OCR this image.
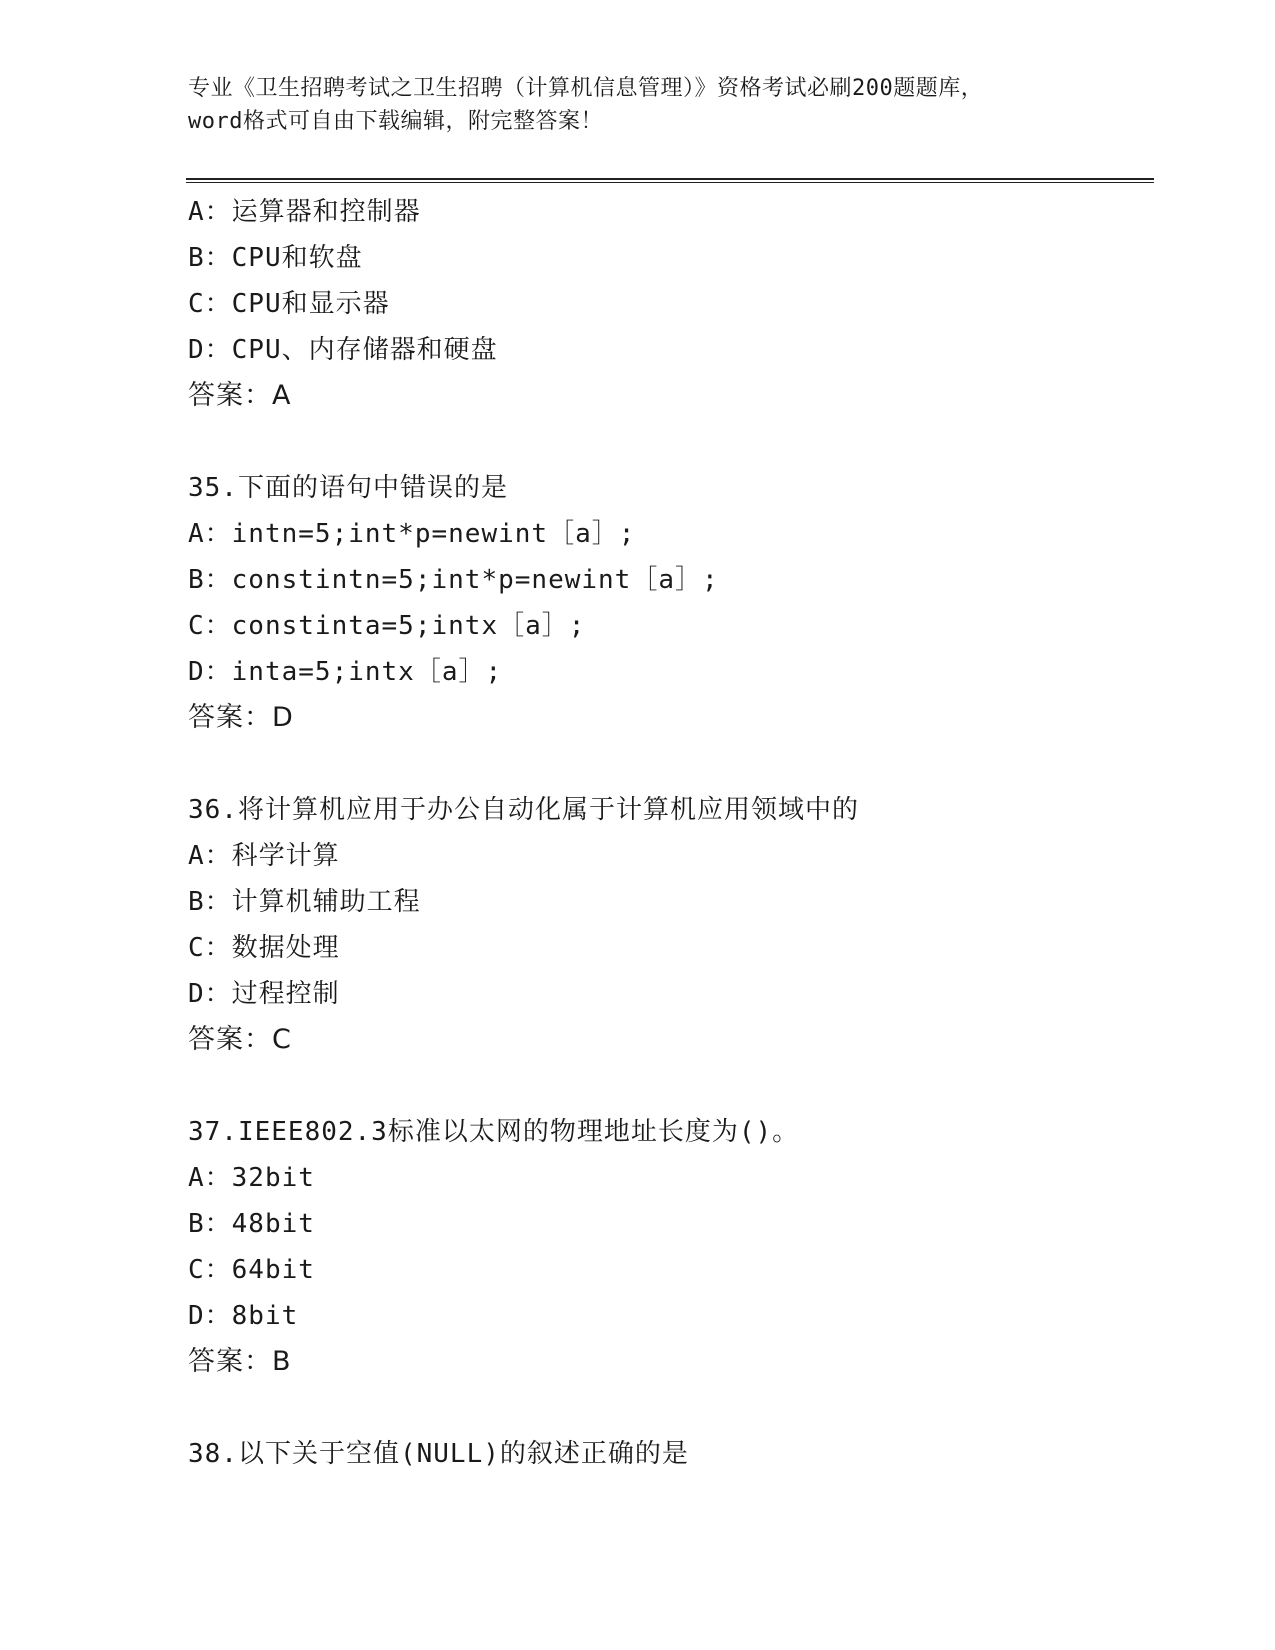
专业《卫生招聘考试之卫生招聘（计算机信息管理）》资格考试必刷200题题库，
word格式可自由下载编辑，附完整答案！
A：运算器和控制器
B：CPU和软盘
C：CPU和显示器
D：CPU、内存储器和硬盘
答案：A
35.下面的语句中错误的是
A：intn=5;int*p=newint［a］;
B：constintn=5;int*p=newint［a］;
C：constinta=5;intx［a］;
D：inta=5;intx［a］;
答案：D
36.将计算机应用于办公自动化属于计算机应用领域中的
A：科学计算
B：计算机辅助工程
C：数据处理
D：过程控制
答案：C
37.IEEE802.3标准以太网的物理地址长度为()。
A：32bit
B：48bit
C：64bit
D：8bit
答案：B
38.以下关于空值(NULL)的叙述正确的是
